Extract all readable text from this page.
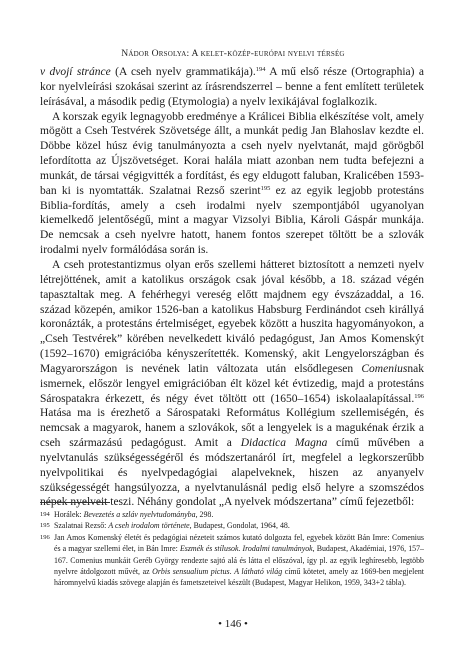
Nádor Orsolya: A kelet-közép-európai nyelvi térség

v dvojí stránce (A cseh nyelv grammatikája).$^{194}$ A mű első része (Ortographia) a kor nyelvleírási szokásai szerint az írásrendszerrel – benne a fent említett területek leírásával, a második pedig (Etymologia) a nyelv lexikájával foglalkozik.

A korszak egyik legnagyobb eredménye a Králicei Biblia elkészítése volt, amely mögött a Cseh Testvérek Szövetsége állt, a munkát pedig Jan Blahoslav kezdte el. Döbbe közel húsz évig tanulmányozta a cseh nyelv nyelvtanát, majd görögből lefordította az Újszövetséget. Korai halála miatt azonban nem tudta befejezni a munkát, de társai végigvitték a fordítást, és egy eldugott faluban, Kralicében 1593-ban ki is nyomtatták. Szalatnai Rezső szerint$^{195}$ ez az egyik legjobb protestáns Biblia-fordítás, amely a cseh irodalmi nyelv szempontjából ugyanolyan kiemelkedő jelentőségű, mint a magyar Vizsolyi Biblia, Károli Gáspár munkája. De nemcsak a cseh nyelvre hatott, hanem fontos szerepet töltött be a szlovák irodalmi nyelv formálódása során is.

A cseh protestantizmus olyan erős szellemi hátteret biztosított a nemzeti nyelv létrejöttének, amit a katolikus országok csak jóval később, a 18. század végén tapasztaltak meg. A fehérhegyi vereség előtt majdnem egy évszázaddal, a 16. század közepén, amikor 1526-ban a katolikus Habsburg Ferdinándot cseh királlyá koronázták, a protestáns értelmiséget, egyebek között a huszita hagyományokon, a „Cseh Testvérek” körében nevelkedett kiváló pedagógust, Jan Amos Komenskýt (1592–1670) emigrációba kényszerítették. Komenský, akit Lengyelországban és Magyarországon is nevének latin változata után elsődlegesen Comeniusnak ismernek, először lengyel emigrációban élt közel két évtizedig, majd a protestáns Sárospatakra érkezett, és négy évet töltött ott (1650–1654) iskolaalapítással.$^{196}$ Hatása ma is érezhető a Sárospataki Református Kollégium szellemiségén, és nemcsak a magyarok, hanem a szlovákok, sőt a lengyelek is a magukénak érzik a cseh származású pedagógust. Amit a Didactica Magna című művében a nyelvtanulás szükségességéről és módszertanáról írt, megfelel a legkorszerűbb nyelvpolitikai és nyelvpedagógiai alapelveknek, hiszen az anyanyelv szükségességét hangsúlyozza, a nyelvtanulásnál pedig első helyre a szomszédos népek nyelveit teszi. Néhány gondolat „A nyelvek módszertana” című fejezetből:

194 Horálek: Bevezetés a szláv nyelvtudományba, 298.
195 Szalatnai Rezső: A cseh irodalom története, Budapest, Gondolat, 1964, 48.
196 Jan Amos Komenský életét és pedagógiai nézeteit számos kutató dolgozta fel, egyebek között Bán Imre: Comenius és a magyar szellemi élet, in Bán Imre: Eszmék és stílusok. Irodalmi tanulmányok, Budapest, Akadémiai, 1976, 157–167. Comenius munkáit Geréb György rendezte sajtó alá és látta el előszóval, így pl. az egyik leghíresebb, legtöbb nyelvre átdolgozott művét, az Orbis sensualium pictus. A látható világ című kötetet, amely az 1669-ben megjelent háromnyelvű kiadás szövege alapján és fametszeteivel készült (Budapest, Magyar Helikon, 1959, 343+2 tábla).
• 146 •
